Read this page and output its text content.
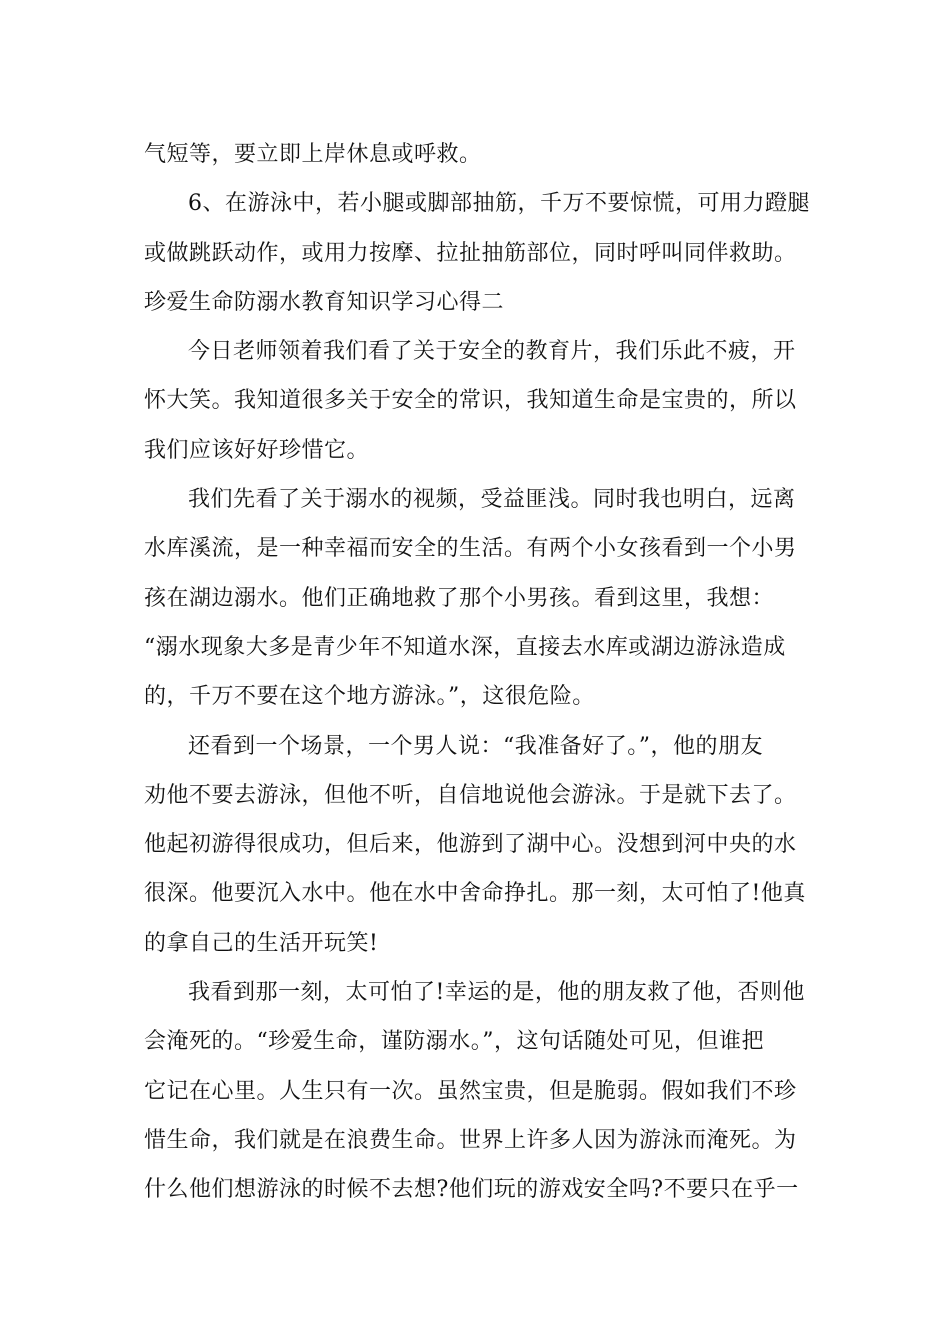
气短等，要立即上岸休息或呼救。
6、在游泳中，若小腿或脚部抽筋，千万不要惊慌，可用力蹬腿
或做跳跃动作，或用力按摩、拉扯抽筋部位，同时呼叫同伴救助。
珍爱生命防溺水教育知识学习心得二
今日老师领着我们看了关于安全的教育片，我们乐此不疲，开
怀大笑。我知道很多关于安全的常识，我知道生命是宝贵的，所以
我们应该好好珍惜它。
我们先看了关于溺水的视频，受益匪浅。同时我也明白，远离
水库溪流，是一种幸福而安全的生活。有两个小女孩看到一个小男
孩在湖边溺水。他们正确地救了那个小男孩。看到这里，我想：
“溺水现象大多是青少年不知道水深，直接去水库或湖边游泳造成
的，千万不要在这个地方游泳。”，这很危险。
还看到一个场景，一个男人说：“我准备好了。”，他的朋友
劝他不要去游泳，但他不听，自信地说他会游泳。于是就下去了。
他起初游得很成功，但后来，他游到了湖中心。没想到河中央的水
很深。他要沉入水中。他在水中舍命挣扎。那一刻，太可怕了!他真
的拿自己的生活开玩笑!
我看到那一刻，太可怕了!幸运的是，他的朋友救了他，否则他
会淹死的。“珍爱生命，谨防溺水。”，这句话随处可见，但谁把
它记在心里。人生只有一次。虽然宝贵，但是脆弱。假如我们不珍
惜生命，我们就是在浪费生命。世界上许多人因为游泳而淹死。为
什么他们想游泳的时候不去想?他们玩的游戏安全吗?不要只在乎一
